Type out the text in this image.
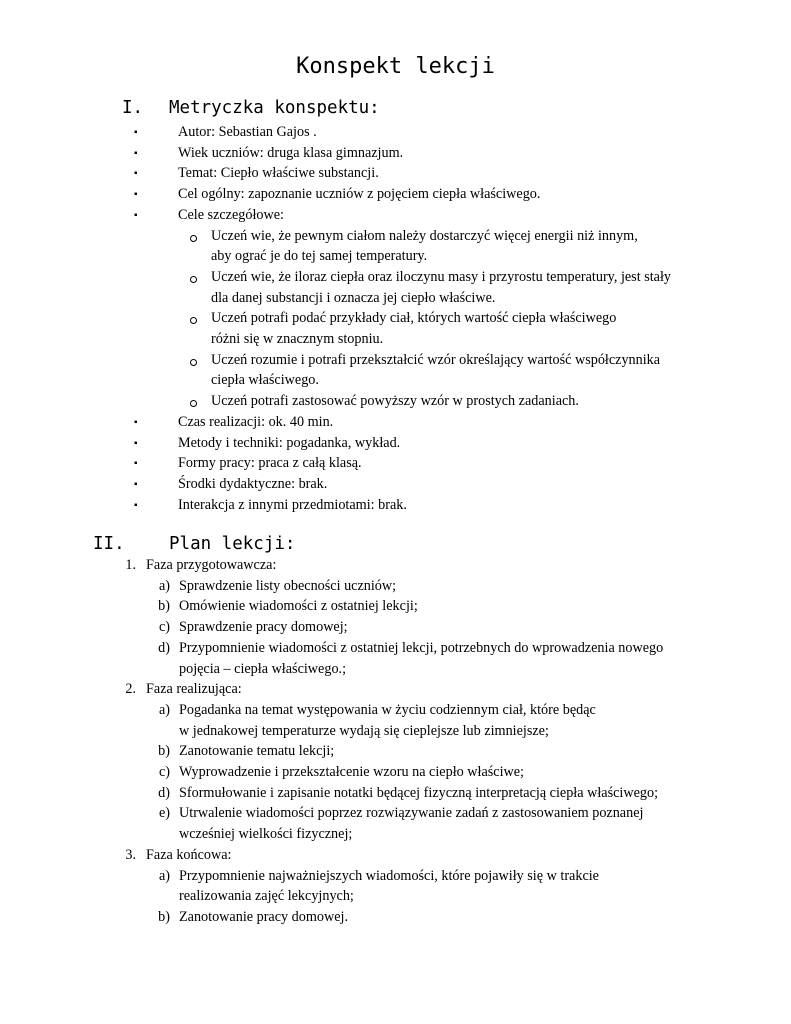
Konspekt lekcji
I. Metryczka konspektu:
▪	Autor: Sebastian Gajos .
▪	Wiek uczniów: druga klasa gimnazjum.
▪	Temat: Ciepło właściwe substancji.
▪	Cel ogólny: zapoznanie uczniów z pojęciem ciepła właściwego.
▪	Cele szczegółowe:
Uczeń wie, że pewnym ciałom należy dostarczyć więcej energii niż innym,
aby ograć je do tej samej temperatury.
Uczeń wie, że iloraz ciepła oraz iloczynu masy i przyrostu temperatury, jest stały
dla danej substancji i oznacza jej ciepło właściwe.
Uczeń potrafi podać przykłady ciał, których wartość ciepła właściwego
różni się w znacznym stopniu.
Uczeń rozumie i potrafi przekształcić wzór określający wartość współczynnika
ciepła właściwego.
Uczeń potrafi zastosować powyższy wzór w prostych zadaniach.
▪	Czas realizacji: ok. 40 min.
▪	Metody i techniki: pogadanka, wykład.
▪	Formy pracy: praca z całą klasą.
▪	Środki dydaktyczne: brak.
▪	Interakcja z innymi przedmiotami: brak.
II.	Plan lekcji:
1. Faza przygotowawcza:
a) Sprawdzenie listy obecności uczniów;
b) Omówienie wiadomości z ostatniej lekcji;
c) Sprawdzenie pracy domowej;
d) Przypomnienie wiadomości z ostatniej lekcji, potrzebnych do wprowadzenia nowego
pojęcia – ciepła właściwego.;
2. Faza realizująca:
a) Pogadanka na temat występowania w życiu codziennym ciał, które będąc
w jednakowej temperaturze wydają się cieplejsze lub zimniejsze;
b) Zanotowanie tematu lekcji;
c) Wyprowadzenie i przekształcenie wzoru na ciepło właściwe;
d) Sformułowanie i zapisanie notatki będącej fizyczną interpretacją ciepła właściwego;
e) Utrwalenie wiadomości poprzez rozwiązywanie zadań z zastosowaniem poznanej
wcześniej wielkości fizycznej;
3. Faza końcowa:
a) Przypomnienie najważniejszych wiadomości, które pojawiły się w trakcie
realizowania zajęć lekcyjnych;
b) Zanotowanie pracy domowej.
